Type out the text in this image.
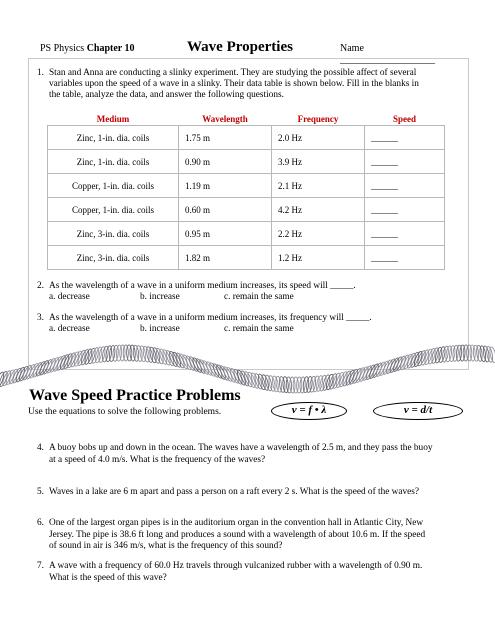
PS Physics Chapter 10	Wave Properties	Name ___________________
1. Stan and Anna are conducting a slinky experiment. They are studying the possible affect of several
variables upon the speed of a wave in a slinky. Their data table is shown below. Fill in the blanks in
the table, analyze the data, and answer the following questions.
Medium	Wavelength	Frequency	Speed
Zinc, 1-in. dia. coils	1.75 m	2.0 Hz	______
Zinc, 1-in. dia. coils	0.90 m	3.9 Hz	______
Copper, 1-in. dia. coils	1.19 m	2.1 Hz	______
Copper, 1-in. dia. coils	0.60 m	4.2 Hz	______
Zinc, 3-in. dia. coils	0.95 m	2.2 Hz	______
Zinc, 3-in. dia. coils	1.82 m	1.2 Hz	______
2. As the wavelength of a wave in a uniform medium increases, its speed will _____.
a. decrease	b. increase	c. remain the same
3. As the wavelength of a wave in a uniform medium increases, its frequency will _____.
a. decrease	b. increase	c. remain the same
Wave Speed Practice Problems
Use the equations to solve the following problems.	v = f • λ	v = d/t
4. A buoy bobs up and down in the ocean. The waves have a wavelength of 2.5 m, and they pass the buoy
at a speed of 4.0 m/s. What is the frequency of the waves?
5. Waves in a lake are 6 m apart and pass a person on a raft every 2 s. What is the speed of the waves?
6. One of the largest organ pipes is in the auditorium organ in the convention hall in Atlantic City, New
Jersey. The pipe is 38.6 ft long and produces a sound with a wavelength of about 10.6 m. If the speed
of sound in air is 346 m/s, what is the frequency of this sound?
7. A wave with a frequency of 60.0 Hz travels through vulcanized rubber with a wavelength of 0.90 m.
What is the speed of this wave?
